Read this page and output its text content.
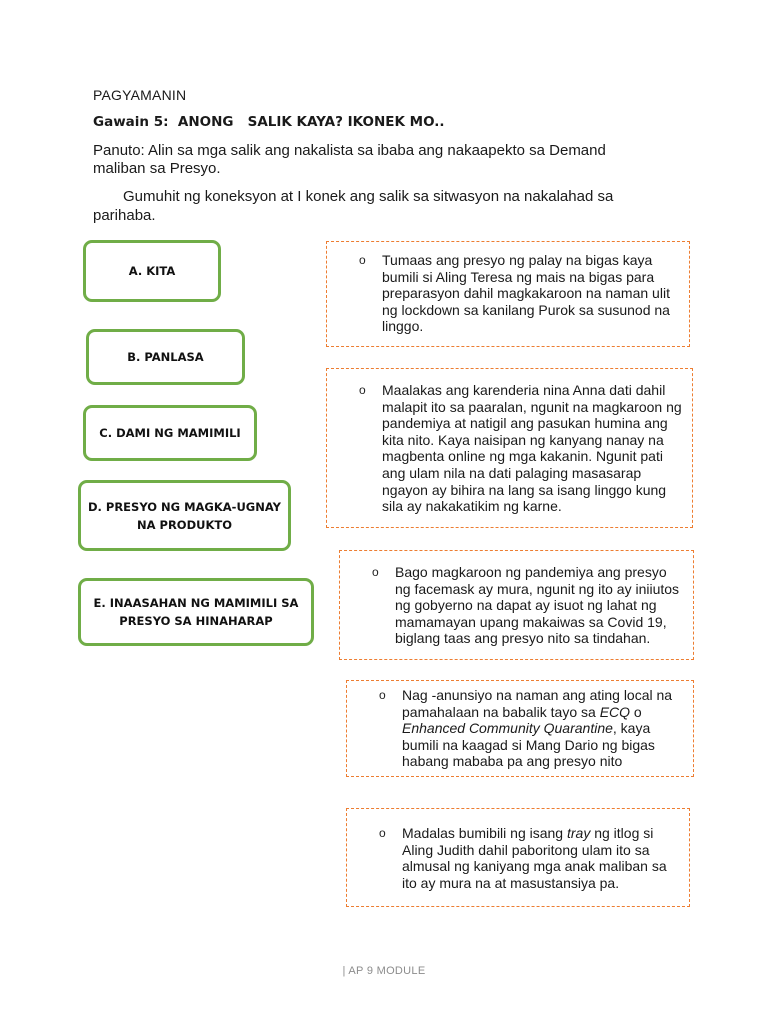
PAGYAMANIN
Gawain 5:  ANONG   SALIK KAYA? IKONEK MO..
Panuto: Alin sa mga salik ang nakalista sa ibaba ang nakaapekto sa Demand maliban sa Presyo.
Gumuhit ng koneksyon at I konek ang salik sa sitwasyon na nakalahad sa parihaba.
A. KITA
B. PANLASA
C. DAMI NG MAMIMILI
D. PRESYO NG MAGKA-UGNAY
NA PRODUKTO
E. INAASAHAN NG MAMIMILI SA
PRESYO SA HINAHARAP
o Tumaas ang presyo ng palay na bigas kaya bumili si Aling Teresa ng mais na bigas para preparasyon dahil magkakaroon na naman ulit ng lockdown sa kanilang Purok sa susunod na linggo.
o Maalakas ang karenderia nina Anna dati dahil malapit ito sa paaralan, ngunit na magkaroon ng pandemiya at natigil ang pasukan humina ang kita nito. Kaya naisipan ng kanyang nanay na magbenta online ng mga kakanin. Ngunit pati ang ulam nila na dati palaging masasarap ngayon ay bihira na lang sa isang linggo kung sila ay nakakatikim ng karne.
o Bago magkaroon ng pandemiya ang presyo ng facemask ay mura, ngunit ng ito ay iniiutos ng gobyerno na dapat ay isuot ng lahat ng mamamayan upang makaiwas sa Covid 19, biglang taas ang presyo nito sa tindahan.
o Nag -anunsiyo na naman ang ating local na pamahalaan na babalik tayo sa ECQ o Enhanced Community Quarantine, kaya bumili na kaagad si Mang Dario ng bigas habang mababa pa ang presyo nito
o Madalas bumibili ng isang tray ng itlog si Aling Judith dahil paboritong ulam ito sa almusal ng kaniyang mga anak maliban sa ito ay mura na at masustansiya pa.
| AP 9 MODULE
